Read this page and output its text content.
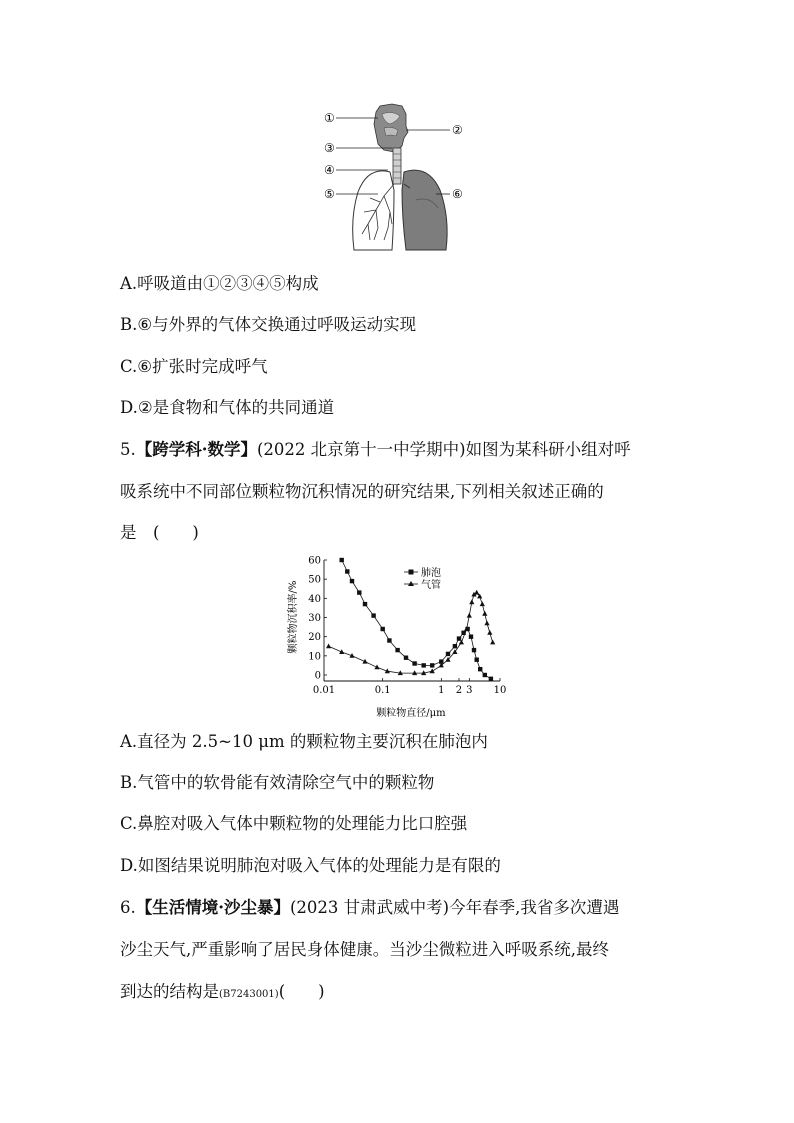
①
②
③
④
⑤	⑥
A.呼吸道由①②③④⑤构成
B.⑥与外界的气体交换通过呼吸运动实现
C.⑥扩张时完成呼气
D.②是食物和气体的共同通道
5.【跨学科·数学】(2022 北京第十一中学期中)如图为某科研小组对呼
吸系统中不同部位颗粒物沉积情况的研究结果,下列相关叙述正确的
是　(　　)
0
10
20
30
40
50
60
0.01	0.1	1 2 3 10
颗粒物沉积率/%
颗粒物直径/μm
肺泡
气管
A.直径为 2.5~10 μm 的颗粒物主要沉积在肺泡内
B.气管中的软骨能有效清除空气中的颗粒物
C.鼻腔对吸入气体中颗粒物的处理能力比口腔强
D.如图结果说明肺泡对吸入气体的处理能力是有限的
6.【生活情境·沙尘暴】(2023 甘肃武威中考)今年春季,我省多次遭遇
沙尘天气,严重影响了居民身体健康。当沙尘微粒进入呼吸系统,最终
到达的结构是(B7243001)(　　)
